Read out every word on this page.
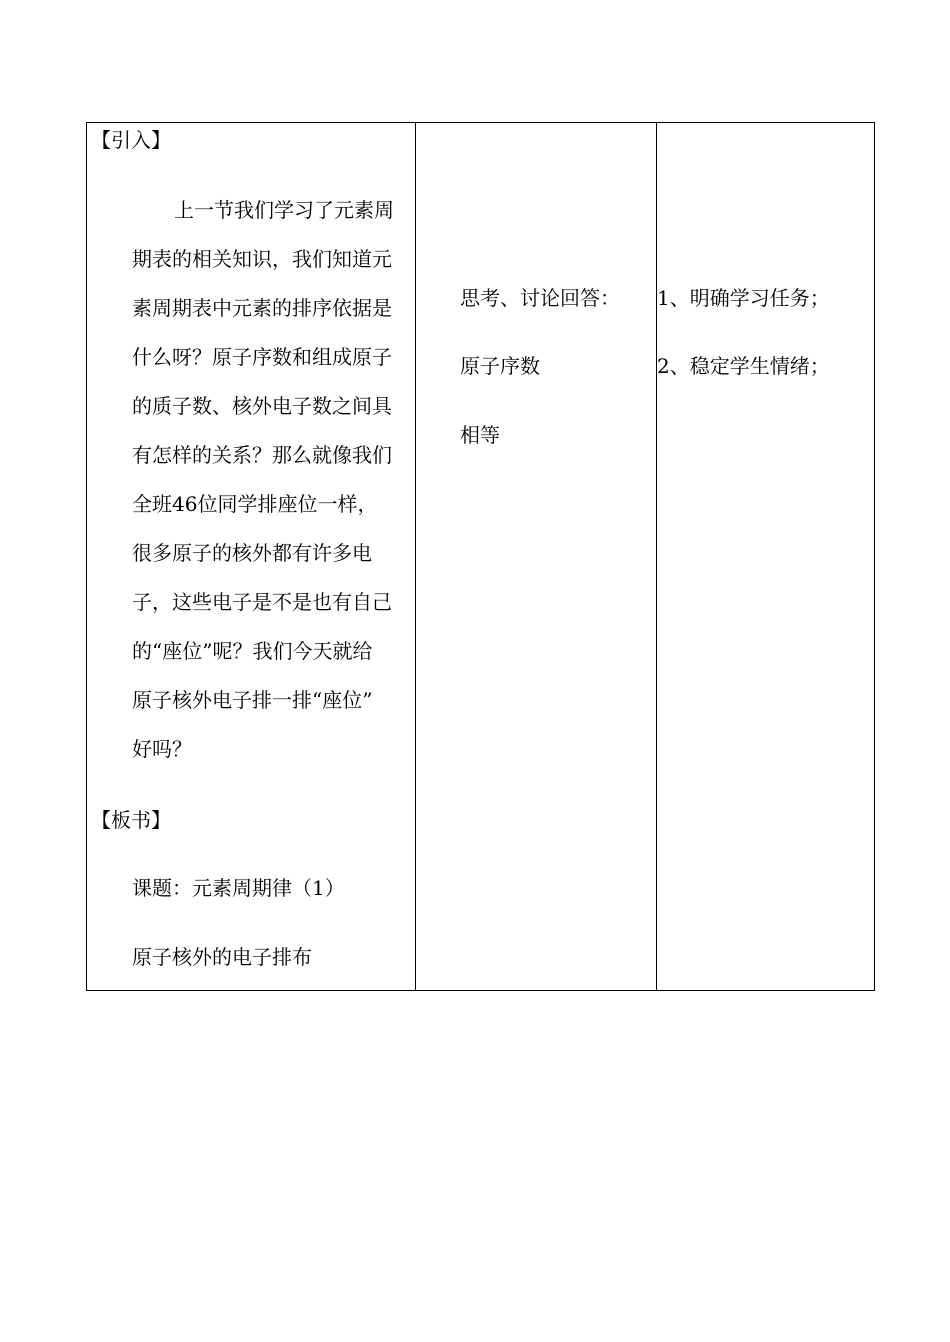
【引入】
上一节我们学习了元素周
期表的相关知识，我们知道元
素周期表中元素的排序依据是
什么呀？原子序数和组成原子
的质子数、核外电子数之间具
有怎样的关系？那么就像我们
全班46位同学排座位一样，
很多原子的核外都有许多电
子，这些电子是不是也有自己
的“座位”呢？我们今天就给
原子核外电子排一排“座位”
好吗？
【板书】
课题：元素周期律（1）
原子核外的电子排布
思考、讨论回答：
原子序数
相等
1、明确学习任务；
2、稳定学生情绪；
